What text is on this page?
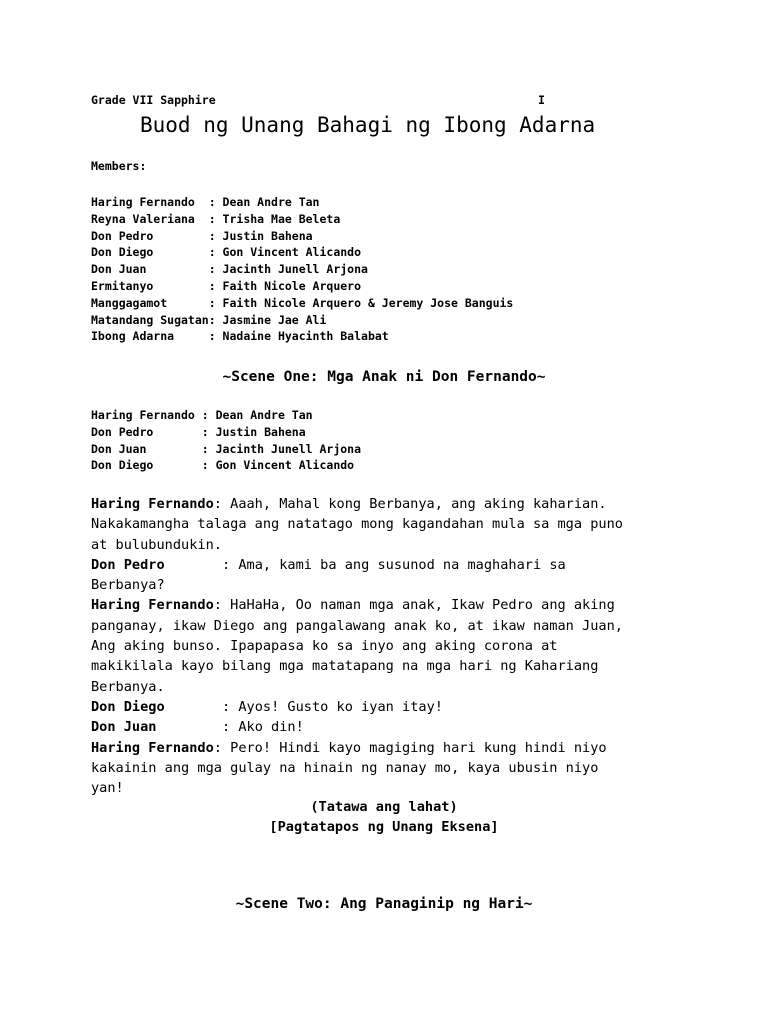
Grade VII Sapphire	I
Buod ng Unang Bahagi ng Ibong Adarna
Members:
Haring Fernando  : Dean Andre Tan
Reyna Valeriana  : Trisha Mae Beleta
Don Pedro        : Justin Bahena
Don Diego        : Gon Vincent Alicando
Don Juan         : Jacinth Junell Arjona
Ermitanyo        : Faith Nicole Arquero
Manggagamot      : Faith Nicole Arquero & Jeremy Jose Banguis
Matandang Sugatan: Jasmine Jae Ali
Ibong Adarna     : Nadaine Hyacinth Balabat
~Scene One: Mga Anak ni Don Fernando~
Haring Fernando : Dean Andre Tan
Don Pedro       : Justin Bahena
Don Juan        : Jacinth Junell Arjona
Don Diego       : Gon Vincent Alicando
Haring Fernando: Aaah, Mahal kong Berbanya, ang aking kaharian.
Nakakamangha talaga ang natatago mong kagandahan mula sa mga puno
at bulubundukin.
Don Pedro       : Ama, kami ba ang susunod na maghahari sa
Berbanya?
Haring Fernando: HaHaHa, Oo naman mga anak, Ikaw Pedro ang aking
panganay, ikaw Diego ang pangalawang anak ko, at ikaw naman Juan,
Ang aking bunso. Ipapapasa ko sa inyo ang aking corona at
makikilala kayo bilang mga matatapang na mga hari ng Kahariang
Berbanya.
Don Diego       : Ayos! Gusto ko iyan itay!
Don Juan        : Ako din!
Haring Fernando: Pero! Hindi kayo magiging hari kung hindi niyo
kakainin ang mga gulay na hinain ng nanay mo, kaya ubusin niyo
yan!
(Tatawa ang lahat)
[Pagtatapos ng Unang Eksena]
~Scene Two: Ang Panaginip ng Hari~
